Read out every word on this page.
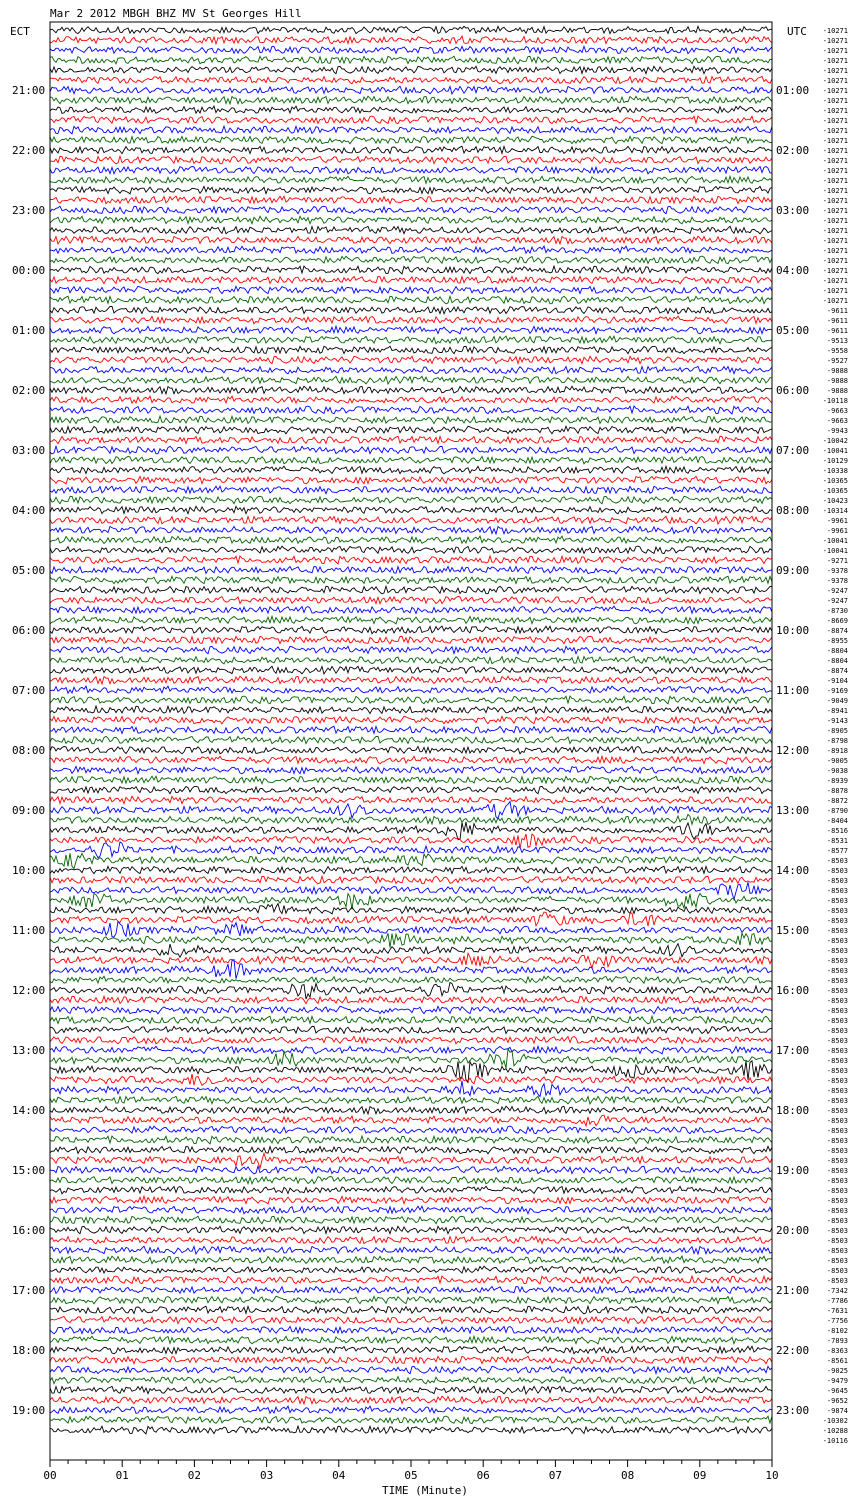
Mar 2 2012 MBGH BHZ MV St Georges Hill
ECT	UTC
21:00
22:00
23:00
00:00
01:00
02:00
03:00
04:00
05:00
06:00
07:00
08:00
09:00
10:00
11:00
12:00
13:00
14:00
15:00
16:00
17:00
18:00
19:00
01:00
02:00
03:00
04:00
05:00
06:00
07:00
08:00
09:00
10:00
11:00
12:00
13:00
14:00
15:00
16:00
17:00
18:00
19:00
20:00
21:00
22:00
23:00
-10271
-10271
-10271
-10271
-10271
-10271
-10271
-10271
-10271
-10271
-10271
-10271
-10271
-10271
-10271
-10271
-10271
-10271
-10271
-10271
-10271
-10271
-10271
-10271
-10271
-10271
-10271
-10271
-9611
-9611
-9611
-9513
-9558
-9527
-9888
-9888
-9888
-10118
-9663
-9663
-9943
-10042
-10041
-10129
-10338
-10365
-10365
-10423
-10314
-9961
-9961
-10041
-10041
-9271
-9378
-9378
-9247
-9247
-8730
-8669
-8874
-8955
-8804
-8804
-8874
-9104
-9169
-9049
-8941
-9143
-8905
-8798
-8918
-9005
-9038
-8939
-8878
-8872
-8790
-8404
-8516
-8531
-8577
-8503
-8503
-8503
-8503
-8503
-8503
-8503
-8503
-8503
-8503
-8503
-8503
-8503
-8503
-8503
-8503
-8503
-8503
-8503
-8503
-8503
-8503
-8503
-8503
-8503
-8503
-8503
-8503
-8503
-8503
-8503
-8503
-8503
-8503
-8503
-8503
-8503
-8503
-8503
-8503
-8503
-8503
-8503
-7342
-7786
-7631
-7756
-8102
-7893
-8363
-8561
-9025
-9479
-9645
-9652
-9874
-10302
-10288
-10116
00	01	02	03	04	05	06	07	08	09	10
TIME (Minute)
